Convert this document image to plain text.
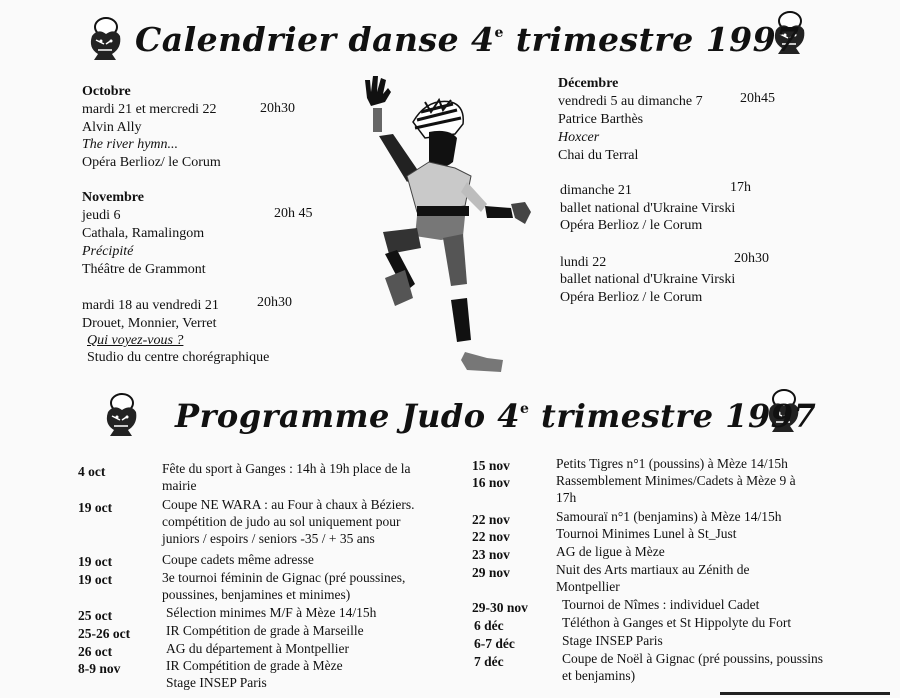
Calendrier danse 4e trimestre 1997
Octobre
mardi 21 et mercredi 22	20h30
Alvin Ally
The river hymn...
Opéra Berlioz/ le Corum
Novembre
jeudi 6	20h 45
Cathala, Ramalingom
Précipité
Théâtre de Grammont
mardi 18 au vendredi 21	20h30
Drouet, Monnier, Verret
Qui voyez-vous ?
Studio du centre chorégraphique
Décembre
vendredi 5 au dimanche 7	20h45
Patrice Barthès
Hoxcer
Chai du Terral
dimanche 21	17h
ballet national d'Ukraine Virski
Opéra Berlioz / le Corum
lundi 22	20h30
ballet national d'Ukraine Virski
Opéra Berlioz / le Corum
Programme Judo 4e trimestre 1997
4 oct	Fête du sport à Ganges : 14h à 19h place de la
mairie
19 oct	Coupe NE WARA : au Four à chaux à Béziers.
compétition de judo au sol uniquement pour
juniors / espoirs / seniors -35 / + 35 ans
19 oct	Coupe cadets même adresse
19 oct	3e tournoi féminin de Gignac (pré poussines,
poussines, benjamines et minimes)
25 oct	Sélection minimes M/F à Mèze 14/15h
25-26 oct	IR Compétition de grade à Marseille
26 oct	AG du département à Montpellier
8-9 nov	IR Compétition de grade à Mèze
Stage INSEP Paris
15 nov	Petits Tigres n°1 (poussins) à Mèze 14/15h
16 nov	Rassemblement Minimes/Cadets à Mèze 9 à
17h
22 nov	Samouraï n°1 (benjamins) à Mèze 14/15h
22 nov	Tournoi Minimes Lunel à St_Just
23 nov	AG de ligue à Mèze
29 nov	Nuit des Arts martiaux au Zénith de
Montpellier
29-30 nov	Tournoi de Nîmes : individuel Cadet
6 déc	Téléthon à Ganges et St Hippolyte du Fort
6-7 déc	Stage INSEP Paris
7 déc	Coupe de Noël à Gignac (pré poussins, poussins
et benjamins)
